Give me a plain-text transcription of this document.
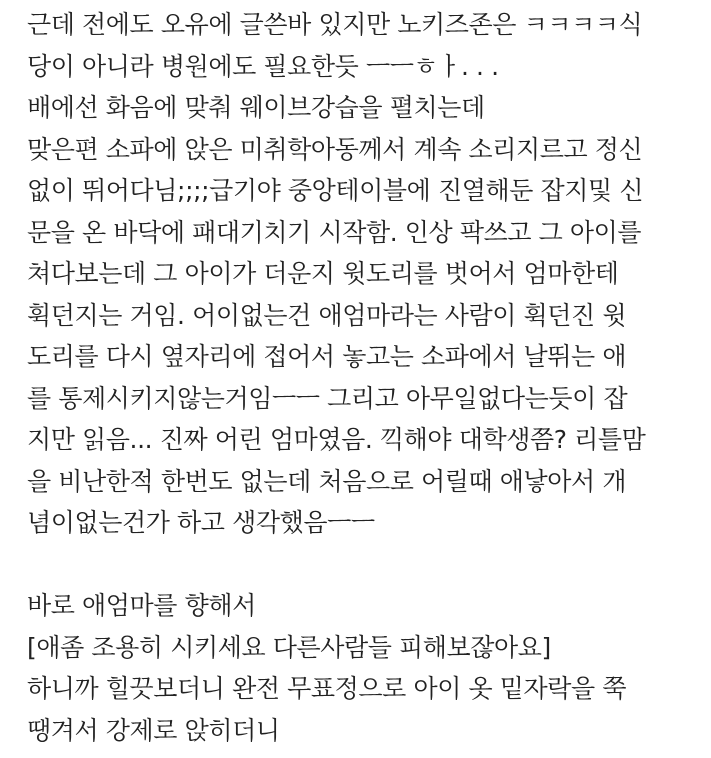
근데 전에도 오유에 글쓴바 있지만 노키즈존은 ㅋㅋㅋㅋ식
당이 아니라 병원에도 필요한듯 ㅡㅡㅎㅏ. . .
배에선 화음에 맞춰 웨이브강습을 펼치는데
맞은편 소파에 앉은 미취학아동께서 계속 소리지르고 정신
없이 뛰어다님;;;;급기야 중앙테이블에 진열해둔 잡지및 신
문을 온 바닥에 패대기치기 시작함. 인상 팍쓰고 그 아이를
쳐다보는데 그 아이가 더운지 윗도리를 벗어서 엄마한테
휙던지는 거임. 어이없는건 애엄마라는 사람이 휙던진 윗
도리를 다시 옆자리에 접어서 놓고는 소파에서 날뛰는 애
를 통제시키지않는거임ㅡㅡ 그리고 아무일없다는듯이 잡
지만 읽음... 진짜 어린 엄마였음. 끽해야 대학생쯤? 리틀맘
을 비난한적 한번도 없는데 처음으로 어릴때 애낳아서 개
념이없는건가 하고 생각했음ㅡㅡ
바로 애엄마를 향해서
[애좀 조용히 시키세요 다른사람들 피해보잖아요]
하니까 힐끗보더니 완전 무표정으로 아이 옷 밑자락을 쭉
땡겨서 강제로 앉히더니
